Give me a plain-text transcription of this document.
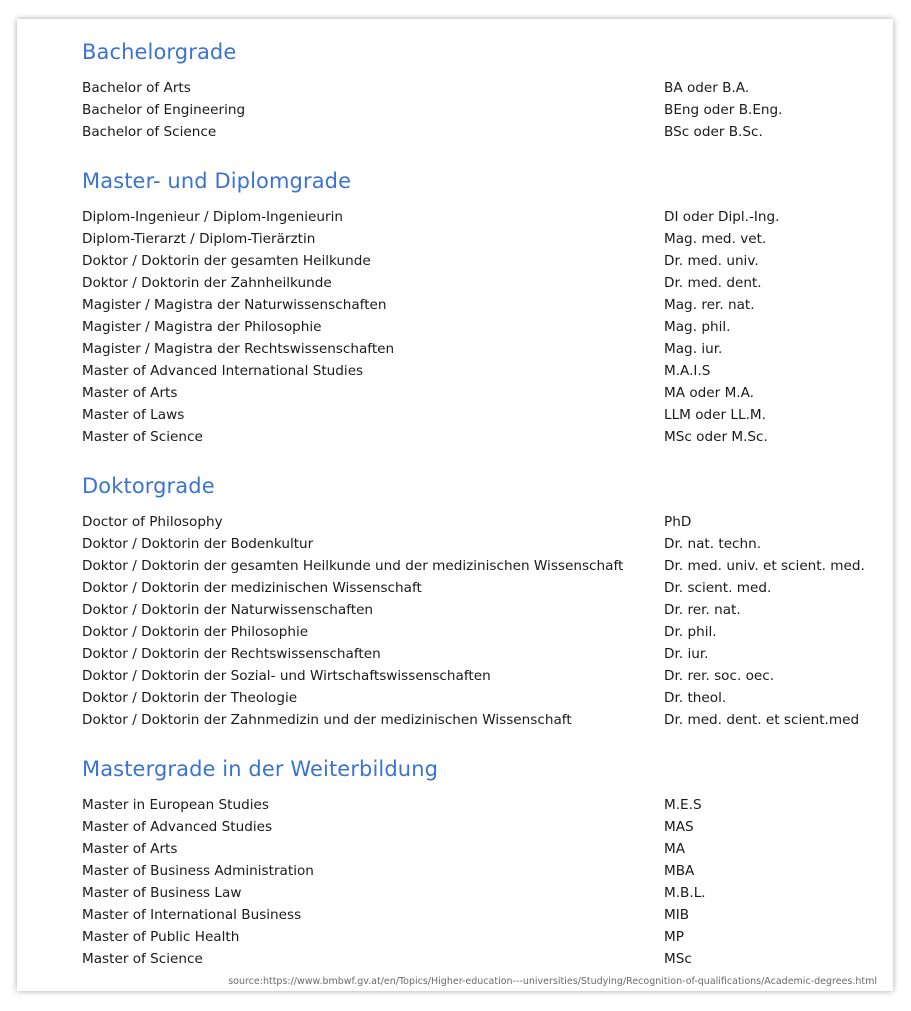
Bachelorgrade
Bachelor of Arts	BA oder B.A.
Bachelor of Engineering	BEng oder B.Eng.
Bachelor of Science	BSc oder B.Sc.
Master- und Diplomgrade
Diplom-Ingenieur / Diplom-Ingenieurin	DI oder Dipl.-Ing.
Diplom-Tierarzt / Diplom-Tierärztin	Mag. med. vet.
Doktor / Doktorin der gesamten Heilkunde	Dr. med. univ.
Doktor / Doktorin der Zahnheilkunde	Dr. med. dent.
Magister / Magistra der Naturwissenschaften	Mag. rer. nat.
Magister / Magistra der Philosophie	Mag. phil.
Magister / Magistra der Rechtswissenschaften	Mag. iur.
Master of Advanced International Studies	M.A.I.S
Master of Arts	MA oder M.A.
Master of Laws	LLM oder LL.M.
Master of Science	MSc oder M.Sc.
Doktorgrade
Doctor of Philosophy	PhD
Doktor / Doktorin der Bodenkultur	Dr. nat. techn.
Doktor / Doktorin der gesamten Heilkunde und der medizinischen Wissenschaft	Dr. med. univ. et scient. med.
Doktor / Doktorin der medizinischen Wissenschaft	Dr. scient. med.
Doktor / Doktorin der Naturwissenschaften	Dr. rer. nat.
Doktor / Doktorin der Philosophie	Dr. phil.
Doktor / Doktorin der Rechtswissenschaften	Dr. iur.
Doktor / Doktorin der Sozial- und Wirtschaftswissenschaften	Dr. rer. soc. oec.
Doktor / Doktorin der Theologie	Dr. theol.
Doktor / Doktorin der Zahnmedizin und der medizinischen Wissenschaft	Dr. med. dent. et scient.med
Mastergrade in der Weiterbildung
Master in European Studies	M.E.S
Master of Advanced Studies	MAS
Master of Arts	MA
Master of Business Administration	MBA
Master of Business Law	M.B.L.
Master of International Business	MIB
Master of Public Health	MP
Master of Science	MSc
source:https://www.bmbwf.gv.at/en/Topics/Higher-education---universities/Studying/Recognition-of-qualifications/Academic-degrees.html
